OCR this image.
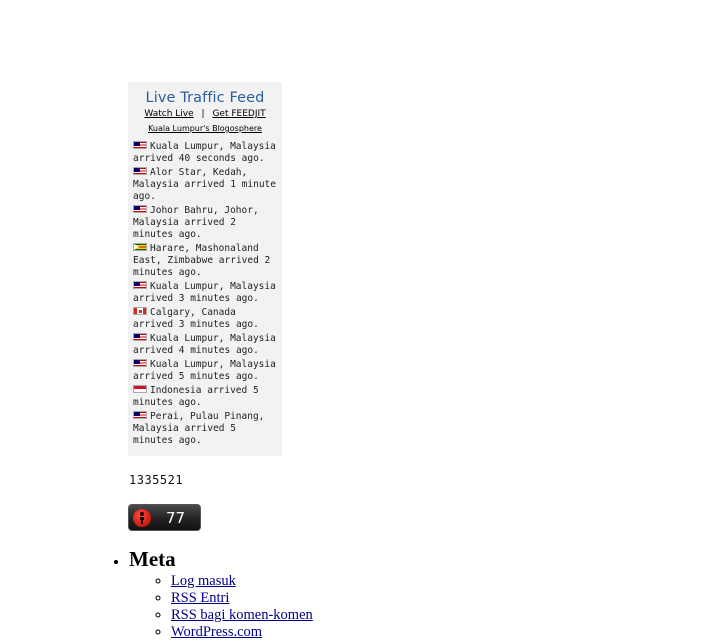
Live Traffic Feed
Watch Live | Get FEEDJIT
Kuala Lumpur's Blogosphere
Kuala Lumpur, Malaysia arrived 40 seconds ago.
Alor Star, Kedah, Malaysia arrived 1 minute ago.
Johor Bahru, Johor, Malaysia arrived 2 minutes ago.
Harare, Mashonaland East, Zimbabwe arrived 2 minutes ago.
Kuala Lumpur, Malaysia arrived 3 minutes ago.
Calgary, Canada arrived 3 minutes ago.
Kuala Lumpur, Malaysia arrived 4 minutes ago.
Kuala Lumpur, Malaysia arrived 5 minutes ago.
Indonesia arrived 5 minutes ago.
Perai, Pulau Pinang, Malaysia arrived 5 minutes ago.
1335521
77
• Meta
◦ Log masuk
◦ RSS Entri
◦ RSS bagi komen-komen
◦ WordPress.com
